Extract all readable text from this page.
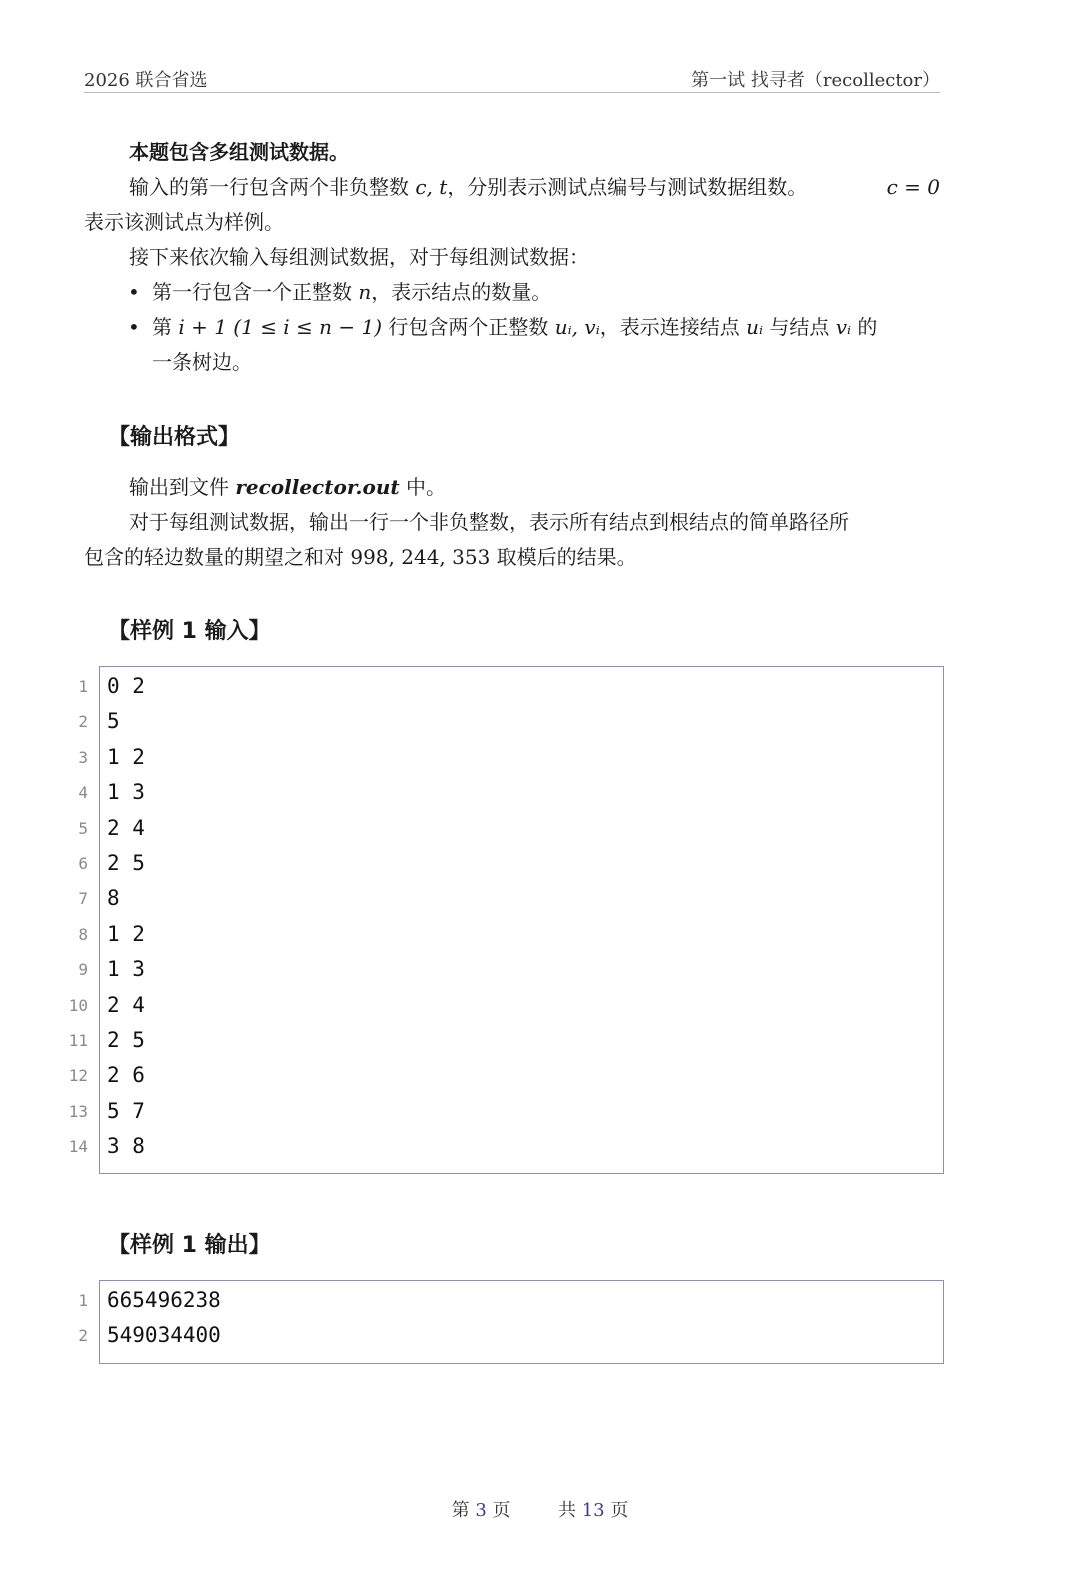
2026 联合省选	第一试 找寻者（recollector）

本题包含多组测试数据。

输入的第一行包含两个非负整数 c, t，分别表示测试点编号与测试数据组数。	c = 0

表示该测试点为样例。

接下来依次输入每组测试数据，对于每组测试数据：

• 第一行包含一个正整数 n，表示结点的数量。
• 第 i + 1 (1 ≤ i ≤ n − 1) 行包含两个正整数 uᵢ, vᵢ，表示连接结点 uᵢ 与结点 vᵢ 的
一条树边。
【输出格式】

输出到文件 recollector.out 中。

对于每组测试数据，输出一行一个非负整数，表示所有结点到根结点的简单路径所

包含的轻边数量的期望之和对 998, 244, 353 取模后的结果。

【样例 1 输入】
1 0 2
2 5
3 1 2
4 1 3
5 2 4
6 2 5
7 8
8 1 2
9 1 3
10 2 4
11 2 5
12 2 6
13 5 7
14 3 8
【样例 1 输出】
1 665496238
2 549034400
第 3 页	共 13 页
